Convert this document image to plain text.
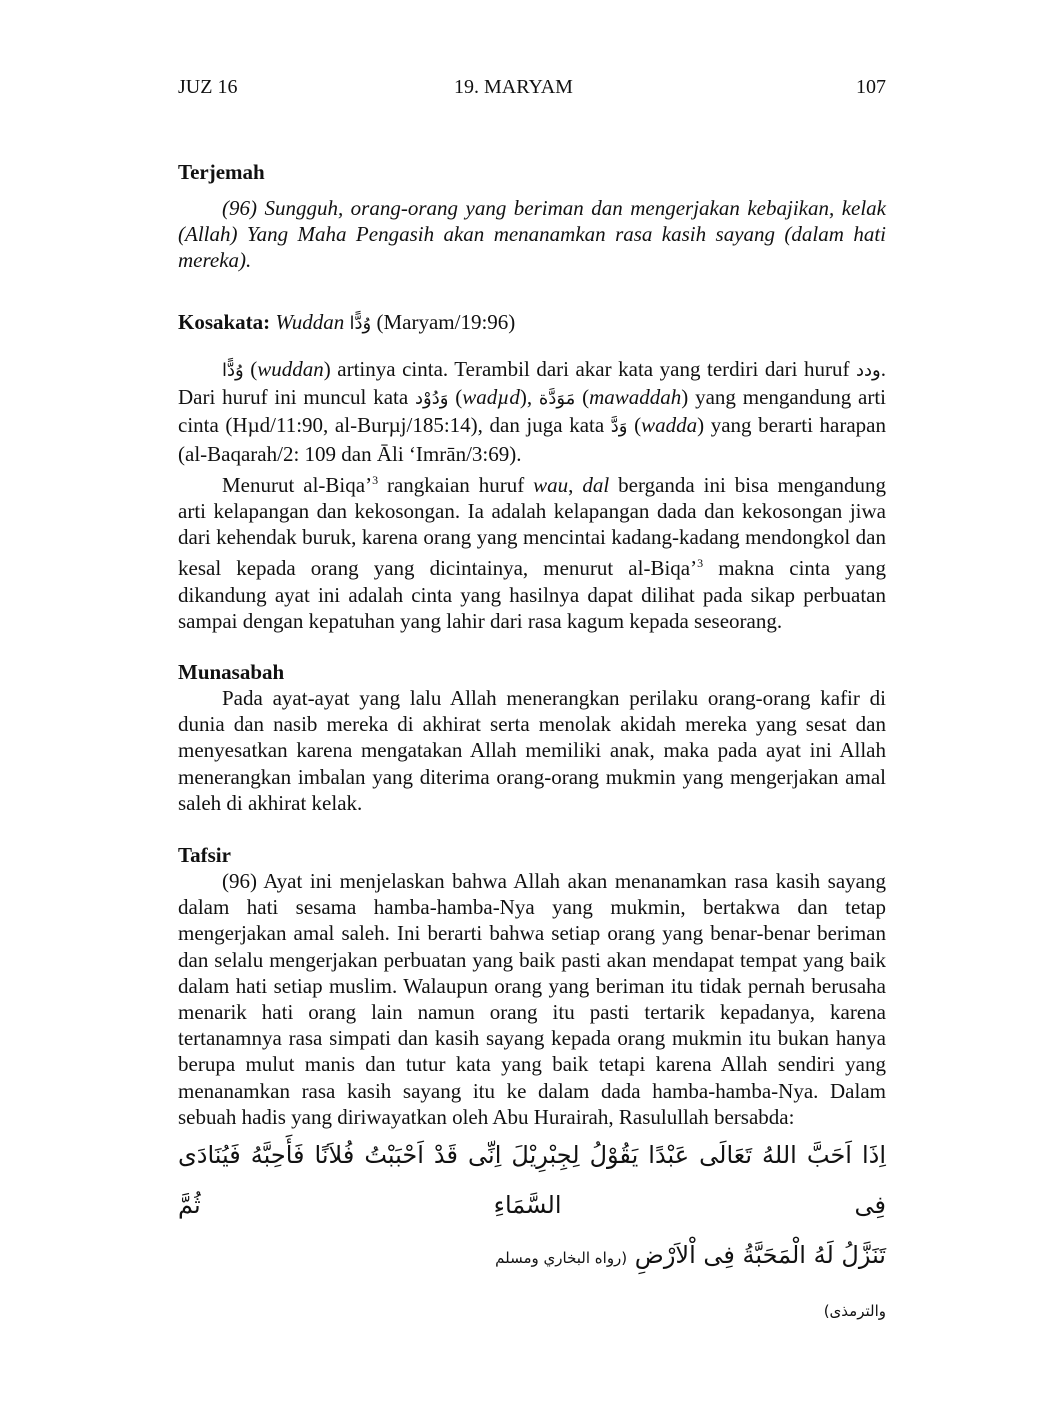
JUZ 16	19. MARYAM	107
Terjemah

(96) Sungguh, orang-orang yang beriman dan mengerjakan kebajikan, kelak (Allah) Yang Maha Pengasih akan menanamkan rasa kasih sayang (dalam hati mereka).

Kosakata: Wuddan وُدًّا (Maryam/19:96)

وُدًّا (wuddan) artinya cinta. Terambil dari akar kata yang terdiri dari huruf ودد. Dari huruf ini muncul kata وَدُوْد (wadµd), مَوَدَّة (mawaddah) yang mengandung arti cinta (Hµd/11:90, al-Burµj/185:14), dan juga kata وَدَّ (wadda) yang berarti harapan (al-Baqarah/2: 109 dan Āli ‘Imrān/3:69).

Menurut al-Biqa’$^3$ rangkaian huruf wau, dal berganda ini bisa mengandung arti kelapangan dan kekosongan. Ia adalah kelapangan dada dan kekosongan jiwa dari kehendak buruk, karena orang yang mencintai kadang-kadang mendongkol dan kesal kepada orang yang dicintainya, menurut al-Biqa’$^3$ makna cinta yang dikandung ayat ini adalah cinta yang hasilnya dapat dilihat pada sikap perbuatan sampai dengan kepatuhan yang lahir dari rasa kagum kepada seseorang.

Munasabah

Pada ayat-ayat yang lalu Allah menerangkan perilaku orang-orang kafir di dunia dan nasib mereka di akhirat serta menolak akidah mereka yang sesat dan menyesatkan karena mengatakan Allah memiliki anak, maka pada ayat ini Allah menerangkan imbalan yang diterima orang-orang mukmin yang mengerjakan amal saleh di akhirat kelak.

Tafsir

(96) Ayat ini menjelaskan bahwa Allah akan menanamkan rasa kasih sayang dalam hati sesama hamba-hamba-Nya yang mukmin, bertakwa dan tetap mengerjakan amal saleh. Ini berarti bahwa setiap orang yang benar-benar beriman dan selalu mengerjakan perbuatan yang baik pasti akan mendapat tempat yang baik dalam hati setiap muslim. Walaupun orang yang beriman itu tidak pernah berusaha menarik hati orang lain namun orang itu pasti tertarik kepadanya, karena tertanamnya rasa simpati dan kasih sayang kepada orang mukmin itu bukan hanya berupa mulut manis dan tutur kata yang baik tetapi karena Allah sendiri yang menanamkan rasa kasih sayang itu ke dalam dada hamba-hamba-Nya. Dalam sebuah hadis yang diriwayatkan oleh Abu Hurairah, Rasulullah bersabda:

اِذَا اَحَبَّ اللهُ تَعَالَى عَبْدًا يَقُوْلُ لِجِبْرِيْلَ اِنِّى قَدْ اَحْبَبْتُ فُلاَنًا فَأَحِبَّهُ فَيُنَادَى فِى السَّمَاءِ ثُمَّ
تَنَزَّلُ لَهُ الْمَحَبَّةُ فِى اْلاَرْضِ (رواه البخاري ومسلم والترمذى)
